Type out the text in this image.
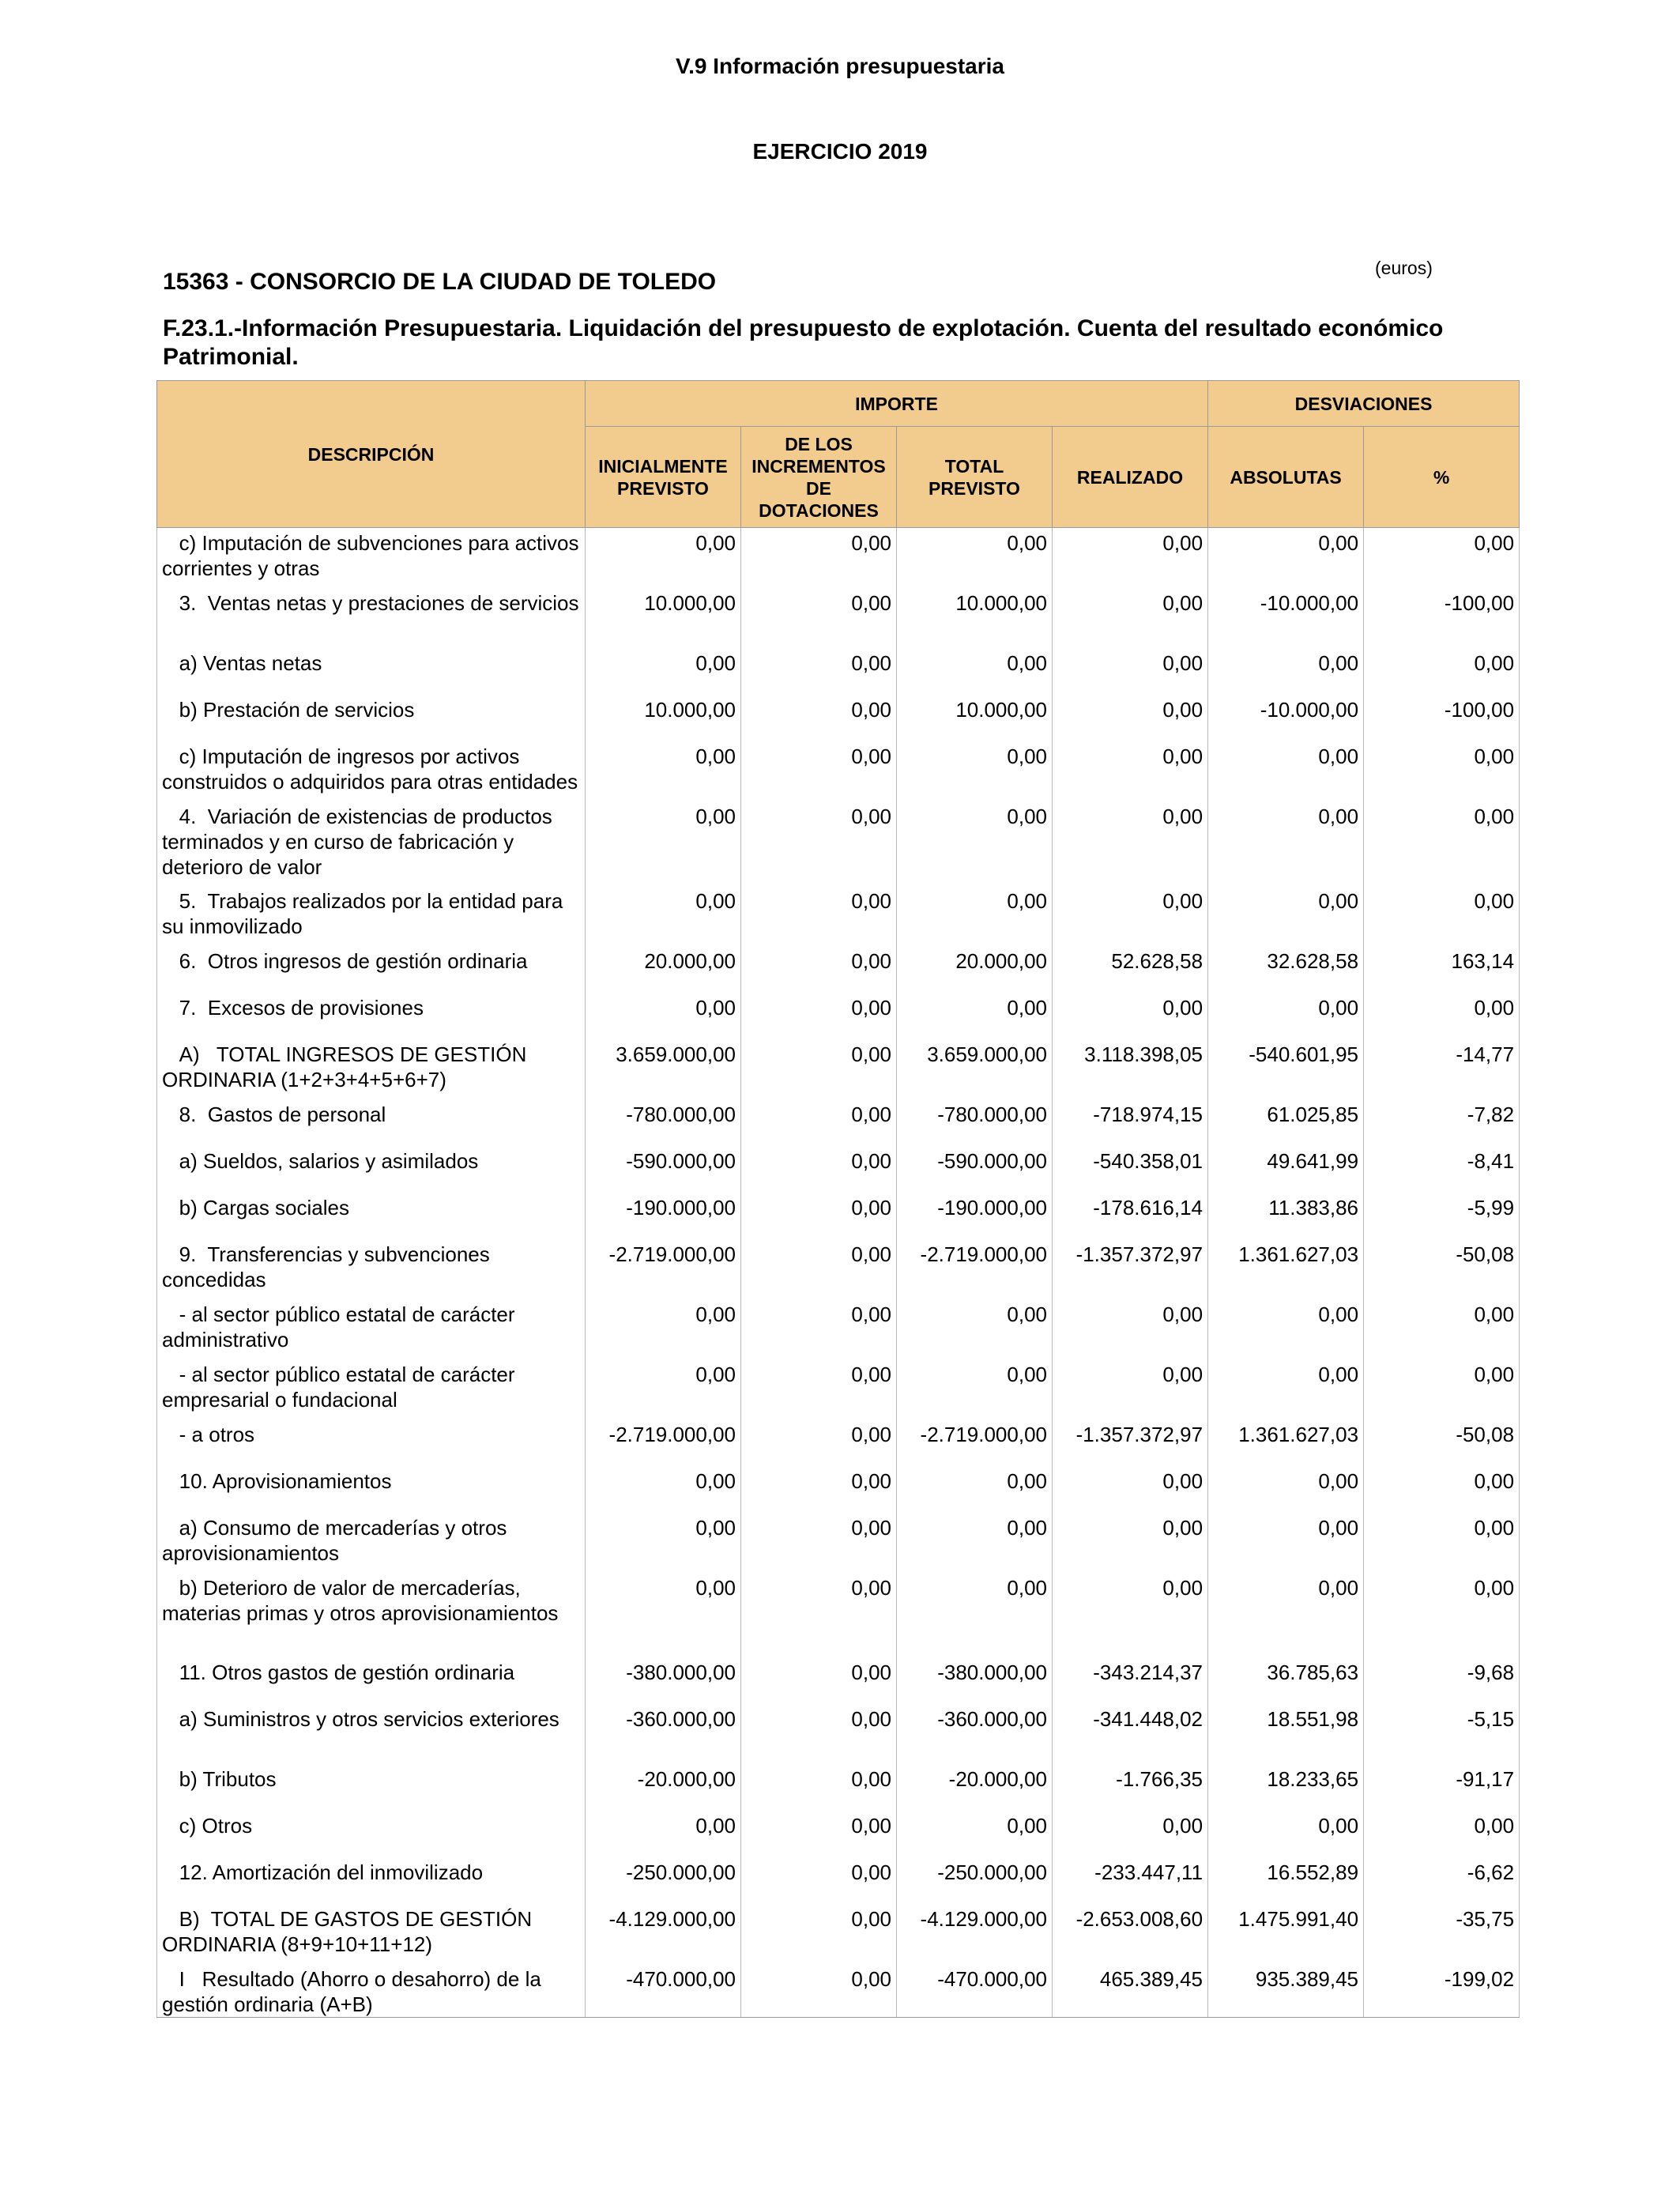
V.9 Información presupuestaria
EJERCICIO 2019
(euros)
15363 - CONSORCIO DE LA CIUDAD DE TOLEDO

F.23.1.-Información Presupuestaria. Liquidación del presupuesto de explotación. Cuenta del resultado económico Patrimonial.

DESCRIPCIÓN	IMPORTE				DESVIACIONES	
	INICIALMENTE PREVISTO	DE LOS INCREMENTOS DE DOTACIONES	TOTAL PREVISTO	REALIZADO	ABSOLUTAS	%
c) Imputación de subvenciones para activos corrientes y otras	0,00	0,00	0,00	0,00	0,00	0,00
3.  Ventas netas y prestaciones de servicios	10.000,00	0,00	10.000,00	0,00	-10.000,00	-100,00
a) Ventas netas	0,00	0,00	0,00	0,00	0,00	0,00
b) Prestación de servicios	10.000,00	0,00	10.000,00	0,00	-10.000,00	-100,00
c) Imputación de ingresos por activos construidos o adquiridos para otras entidades	0,00	0,00	0,00	0,00	0,00	0,00
4.  Variación de existencias de productos terminados y en curso de fabricación y deterioro de valor	0,00	0,00	0,00	0,00	0,00	0,00
5.  Trabajos realizados por la entidad para su inmovilizado	0,00	0,00	0,00	0,00	0,00	0,00
6.  Otros ingresos de gestión ordinaria	20.000,00	0,00	20.000,00	52.628,58	32.628,58	163,14
7.  Excesos de provisiones	0,00	0,00	0,00	0,00	0,00	0,00
A)   TOTAL INGRESOS DE GESTIÓN ORDINARIA (1+2+3+4+5+6+7)	3.659.000,00	0,00	3.659.000,00	3.118.398,05	-540.601,95	-14,77
8.  Gastos de personal	-780.000,00	0,00	-780.000,00	-718.974,15	61.025,85	-7,82
a) Sueldos, salarios y asimilados	-590.000,00	0,00	-590.000,00	-540.358,01	49.641,99	-8,41
b) Cargas sociales	-190.000,00	0,00	-190.000,00	-178.616,14	11.383,86	-5,99
9.  Transferencias y subvenciones concedidas	-2.719.000,00	0,00	-2.719.000,00	-1.357.372,97	1.361.627,03	-50,08
- al sector público estatal de carácter administrativo	0,00	0,00	0,00	0,00	0,00	0,00
- al sector público estatal de carácter empresarial o fundacional	0,00	0,00	0,00	0,00	0,00	0,00
- a otros	-2.719.000,00	0,00	-2.719.000,00	-1.357.372,97	1.361.627,03	-50,08
10. Aprovisionamientos	0,00	0,00	0,00	0,00	0,00	0,00
a) Consumo de mercaderías y otros aprovisionamientos	0,00	0,00	0,00	0,00	0,00	0,00
b) Deterioro de valor de mercaderías, materias primas y otros aprovisionamientos	0,00	0,00	0,00	0,00	0,00	0,00
11. Otros gastos de gestión ordinaria	-380.000,00	0,00	-380.000,00	-343.214,37	36.785,63	-9,68
a) Suministros y otros servicios exteriores	-360.000,00	0,00	-360.000,00	-341.448,02	18.551,98	-5,15
b) Tributos	-20.000,00	0,00	-20.000,00	-1.766,35	18.233,65	-91,17
c) Otros	0,00	0,00	0,00	0,00	0,00	0,00
12. Amortización del inmovilizado	-250.000,00	0,00	-250.000,00	-233.447,11	16.552,89	-6,62
B)  TOTAL DE GASTOS DE GESTIÓN ORDINARIA (8+9+10+11+12)	-4.129.000,00	0,00	-4.129.000,00	-2.653.008,60	1.475.991,40	-35,75
I   Resultado (Ahorro o desahorro) de la gestión ordinaria (A+B)	-470.000,00	0,00	-470.000,00	465.389,45	935.389,45	-199,02
